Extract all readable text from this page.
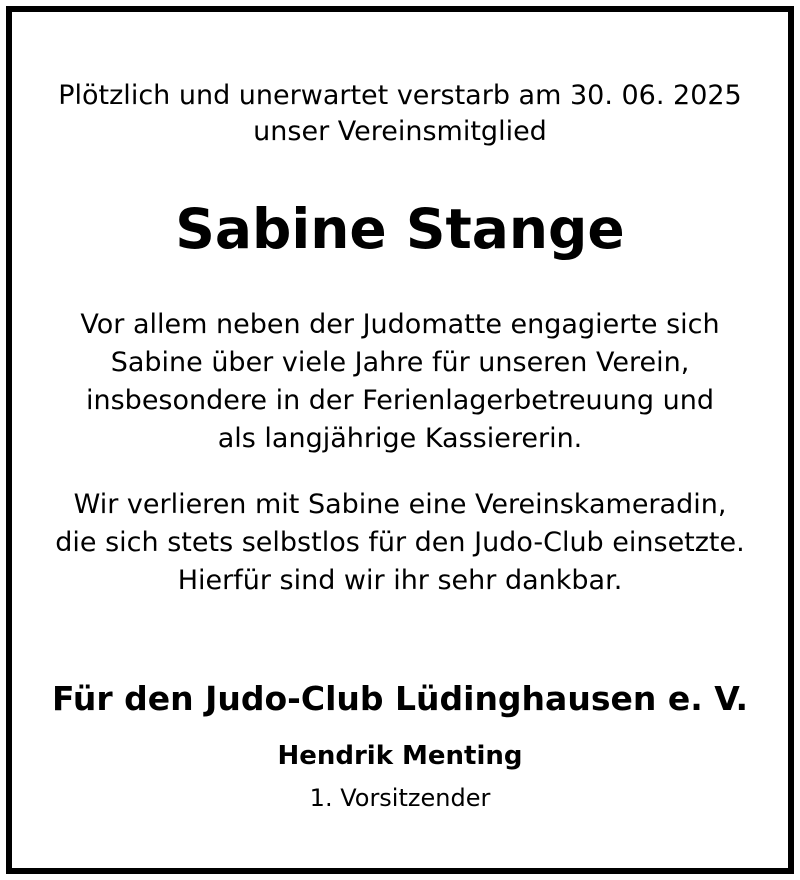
Plötzlich und unerwartet verstarb am 30. 06. 2025
unser Vereinsmitglied
Sabine Stange
Vor allem neben der Judomatte engagierte sich
Sabine über viele Jahre für unseren Verein,
insbesondere in der Ferienlagerbetreuung und
als langjährige Kassiererin.
Wir verlieren mit Sabine eine Vereinskameradin,
die sich stets selbstlos für den Judo-Club einsetzte.
Hierfür sind wir ihr sehr dankbar.
Für den Judo-Club Lüdinghausen e. V.
Hendrik Menting
1. Vorsitzender
